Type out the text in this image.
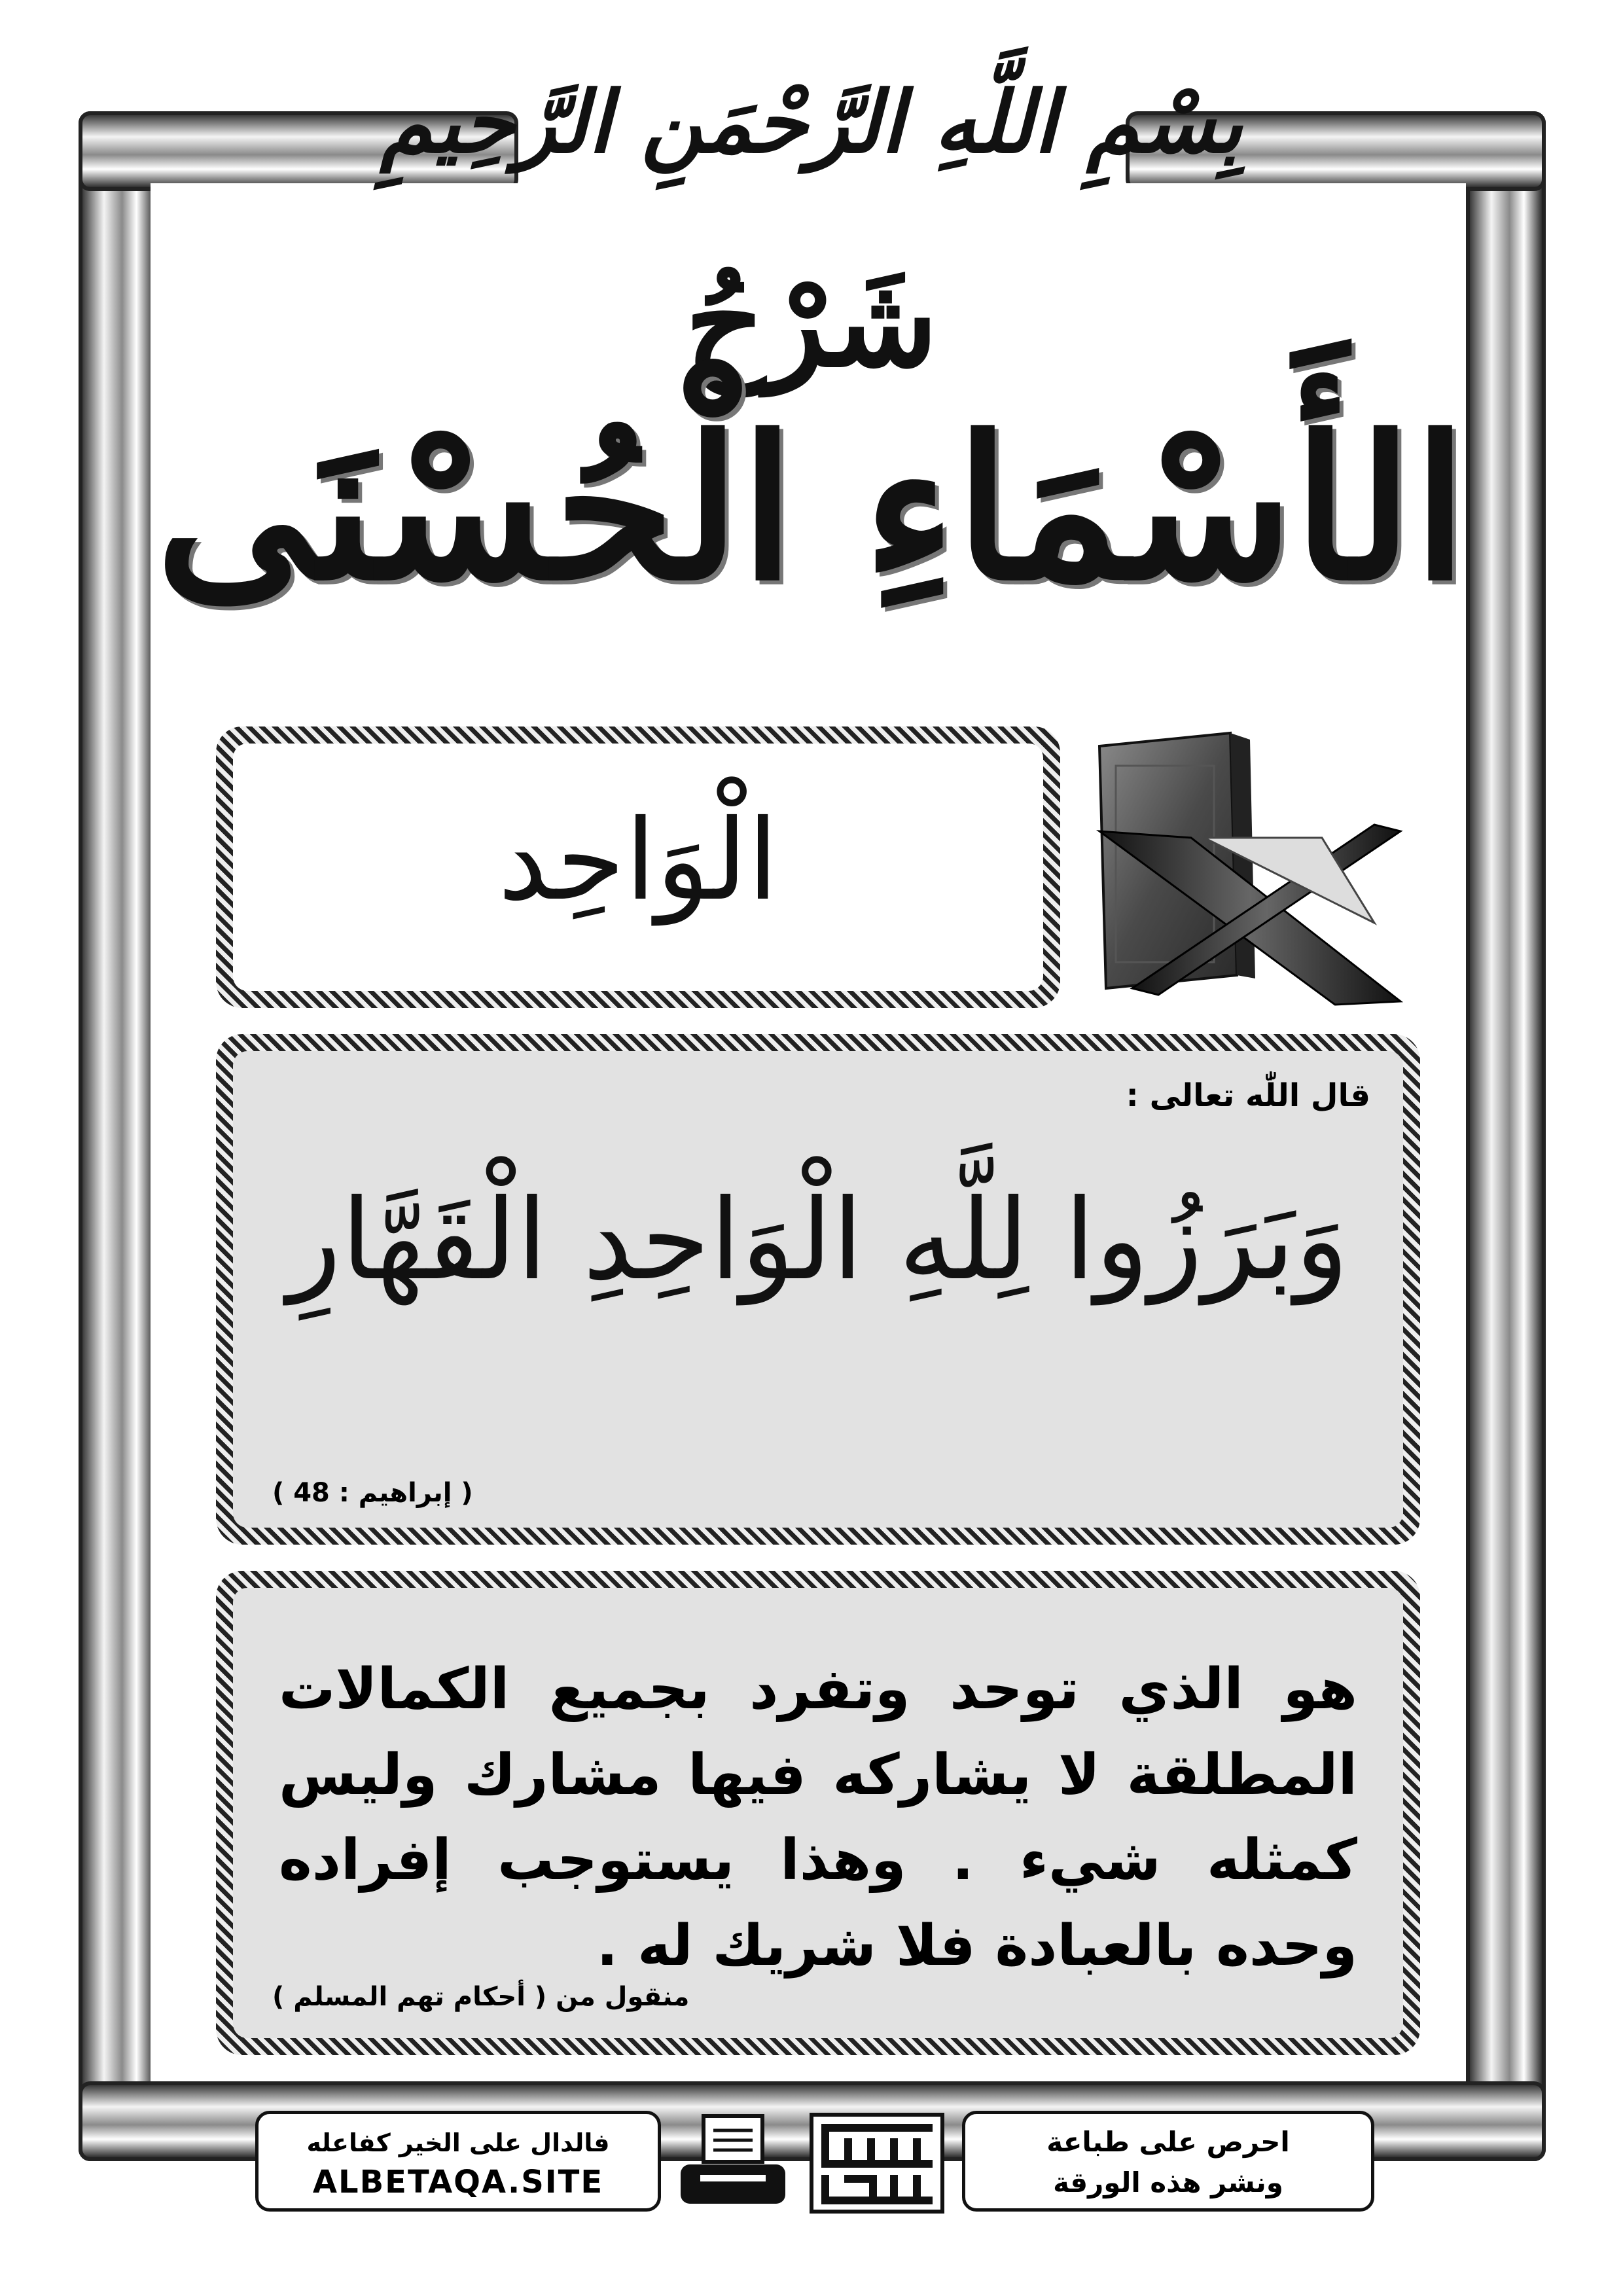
بِسْمِ اللَّهِ الرَّحْمَنِ الرَّحِيمِ
شَرْحُ
الأَسْمَاءِ الْحُسْنَى
الْوَاحِد
قال اللّٰه تعالى :
وَبَرَزُوا لِلَّهِ الْوَاحِدِ الْقَهَّارِ
( إبراهيم : 48 )
هو الذي توحد وتفرد بجميع الكمالات المطلقة لا يشاركه فيها مشارك وليس كمثله شيء . وهذا يستوجب إفراده وحده بالعبادة فلا شريك له .
منقول من ( أحكام تهم المسلم )
فالدال على الخير كفاعله
ALBETAQA.SITE
احرص على طباعة
ونشر هذه الورقة
